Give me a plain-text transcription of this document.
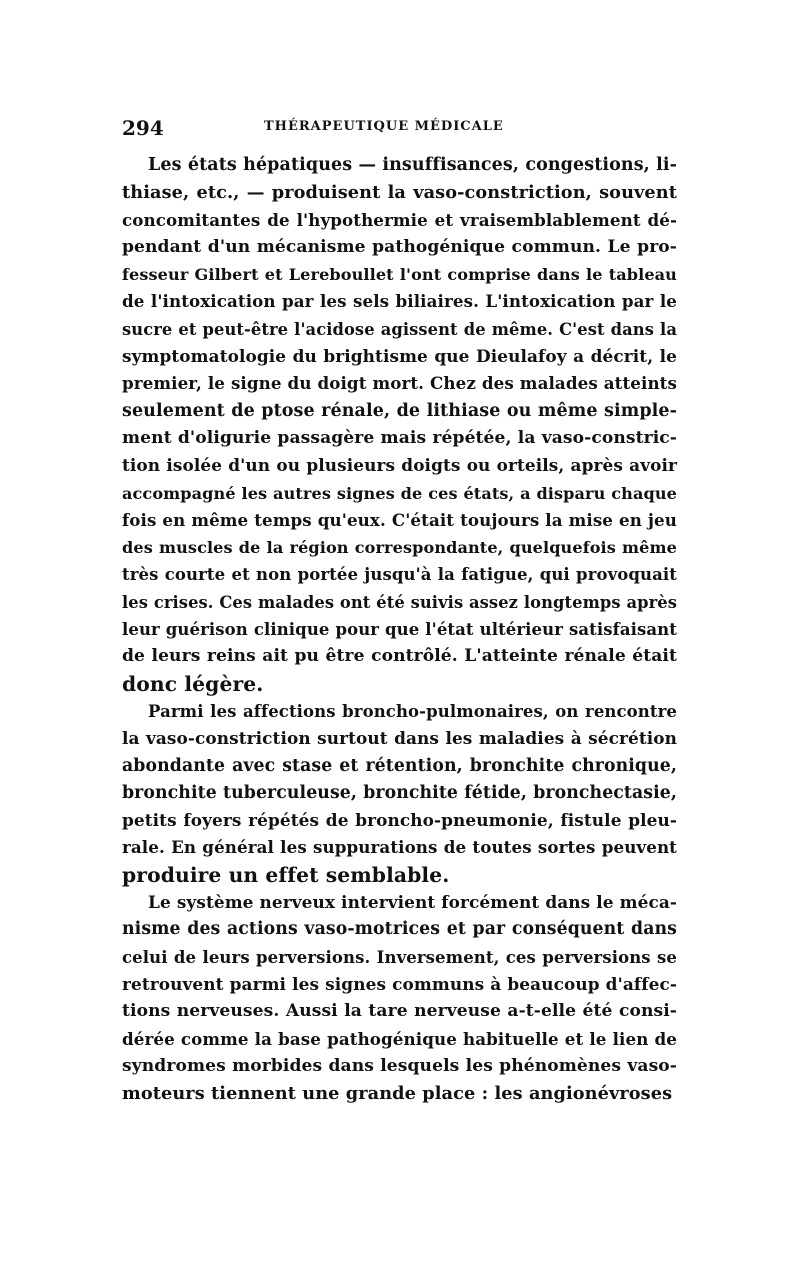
294	THÉRAPEUTIQUE MÉDICALE
Les états hépatiques — insuffisances, congestions, li-
thiase, etc., — produisent la vaso-constriction, souvent
concomitantes de l'hypothermie et vraisemblablement dé-
pendant d'un mécanisme pathogénique commun. Le pro-
fesseur Gilbert et Lereboullet l'ont comprise dans le tableau
de l'intoxication par les sels biliaires. L'intoxication par le
sucre et peut-être l'acidose agissent de même. C'est dans la
symptomatologie du brightisme que Dieulafoy a décrit, le
premier, le signe du doigt mort. Chez des malades atteints
seulement de ptose rénale, de lithiase ou même simple-
ment d'oligurie passagère mais répétée, la vaso-constric-
tion isolée d'un ou plusieurs doigts ou orteils, après avoir
accompagné les autres signes de ces états, a disparu chaque
fois en même temps qu'eux. C'était toujours la mise en jeu
des muscles de la région correspondante, quelquefois même
très courte et non portée jusqu'à la fatigue, qui provoquait
les crises. Ces malades ont été suivis assez longtemps après
leur guérison clinique pour que l'état ultérieur satisfaisant
de leurs reins ait pu être contrôlé. L'atteinte rénale était
donc légère.
Parmi les affections broncho-pulmonaires, on rencontre
la vaso-constriction surtout dans les maladies à sécrétion
abondante avec stase et rétention, bronchite chronique,
bronchite tuberculeuse, bronchite fétide, bronchectasie,
petits foyers répétés de broncho-pneumonie, fistule pleu-
rale. En général les suppurations de toutes sortes peuvent
produire un effet semblable.
Le système nerveux intervient forcément dans le méca-
nisme des actions vaso-motrices et par conséquent dans
celui de leurs perversions. Inversement, ces perversions se
retrouvent parmi les signes communs à beaucoup d'affec-
tions nerveuses. Aussi la tare nerveuse a-t-elle été consi-
dérée comme la base pathogénique habituelle et le lien de
syndromes morbides dans lesquels les phénomènes vaso-
moteurs tiennent une grande place : les angionévroses
